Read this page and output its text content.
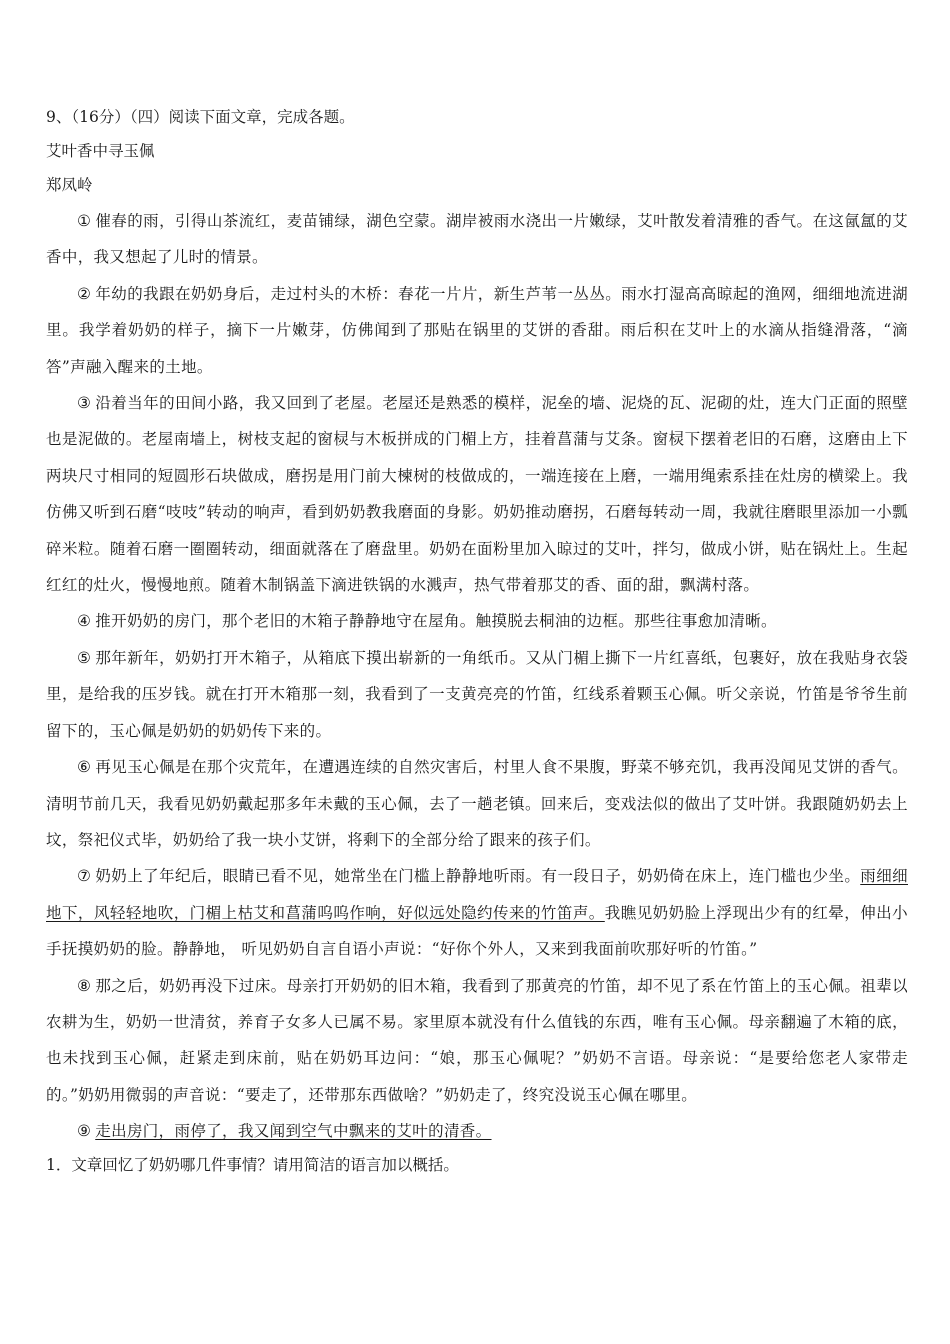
9、（16分）（四）阅读下面文章，完成各题。

艾叶香中寻玉佩

郑凤岭

① 催春的雨，引得山茶流红，麦苗铺绿，湖色空蒙。湖岸被雨水浇出一片嫩绿，艾叶散发着清雅的香气。在这氤氲的艾香中，我又想起了儿时的情景。

② 年幼的我跟在奶奶身后，走过村头的木桥：春花一片片，新生芦苇一丛丛。雨水打湿高高晾起的渔网，细细地流进湖里。我学着奶奶的样子，摘下一片嫩芽，仿佛闻到了那贴在锅里的艾饼的香甜。雨后积在艾叶上的水滴从指缝滑落，“滴答”声融入醒来的土地。

③ 沿着当年的田间小路，我又回到了老屋。老屋还是熟悉的模样，泥垒的墙、泥烧的瓦、泥砌的灶，连大门正面的照壁也是泥做的。老屋南墙上，树枝支起的窗棂与木板拼成的门楣上方，挂着菖蒲与艾条。窗棂下摆着老旧的石磨，这磨由上下两块尺寸相同的短圆形石块做成，磨拐是用门前大楝树的枝做成的，一端连接在上磨，一端用绳索系挂在灶房的横梁上。我仿佛又听到石磨“吱吱”转动的响声，看到奶奶教我磨面的身影。奶奶推动磨拐，石磨每转动一周，我就往磨眼里添加一小瓢碎米粒。随着石磨一圈圈转动，细面就落在了磨盘里。奶奶在面粉里加入晾过的艾叶，拌匀，做成小饼，贴在锅灶上。生起红红的灶火，慢慢地煎。随着木制锅盖下滴进铁锅的水溅声，热气带着那艾的香、面的甜，飘满村落。

④ 推开奶奶的房门，那个老旧的木箱子静静地守在屋角。触摸脱去桐油的边框。那些往事愈加清晰。

⑤ 那年新年，奶奶打开木箱子，从箱底下摸出崭新的一角纸币。又从门楣上撕下一片红喜纸，包裹好，放在我贴身衣袋里，是给我的压岁钱。就在打开木箱那一刻，我看到了一支黄亮亮的竹笛，红线系着颗玉心佩。听父亲说，竹笛是爷爷生前留下的，玉心佩是奶奶的奶奶传下来的。

⑥ 再见玉心佩是在那个灾荒年，在遭遇连续的自然灾害后，村里人食不果腹，野菜不够充饥，我再没闻见艾饼的香气。清明节前几天，我看见奶奶戴起那多年未戴的玉心佩，去了一趟老镇。回来后，变戏法似的做出了艾叶饼。我跟随奶奶去上坟，祭祀仪式毕，奶奶给了我一块小艾饼，将剩下的全部分给了跟来的孩子们。

⑦ 奶奶上了年纪后，眼睛已看不见，她常坐在门槛上静静地听雨。有一段日子，奶奶倚在床上，连门槛也少坐。雨细细地下，风轻轻地吹，门楣上枯艾和菖蒲呜呜作响，好似远处隐约传来的竹笛声。我瞧见奶奶脸上浮现出少有的红晕，伸出小手抚摸奶奶的脸。静静地， 听见奶奶自言自语小声说：“好你个外人，又来到我面前吹那好听的竹笛。”

⑧ 那之后，奶奶再没下过床。母亲打开奶奶的旧木箱，我看到了那黄亮的竹笛，却不见了系在竹笛上的玉心佩。祖辈以农耕为生，奶奶一世清贫，养育子女多人已属不易。家里原本就没有什么值钱的东西，唯有玉心佩。母亲翻遍了木箱的底，也未找到玉心佩，赶紧走到床前，贴在奶奶耳边问：“娘，那玉心佩呢？”奶奶不言语。母亲说：“是要给您老人家带走的。”奶奶用微弱的声音说：“要走了，还带那东西做啥？”奶奶走了，终究没说玉心佩在哪里。

⑨ 走出房门，雨停了，我又闻到空气中飘来的艾叶的清香。

1．文章回忆了奶奶哪几件事情？请用简洁的语言加以概括。
